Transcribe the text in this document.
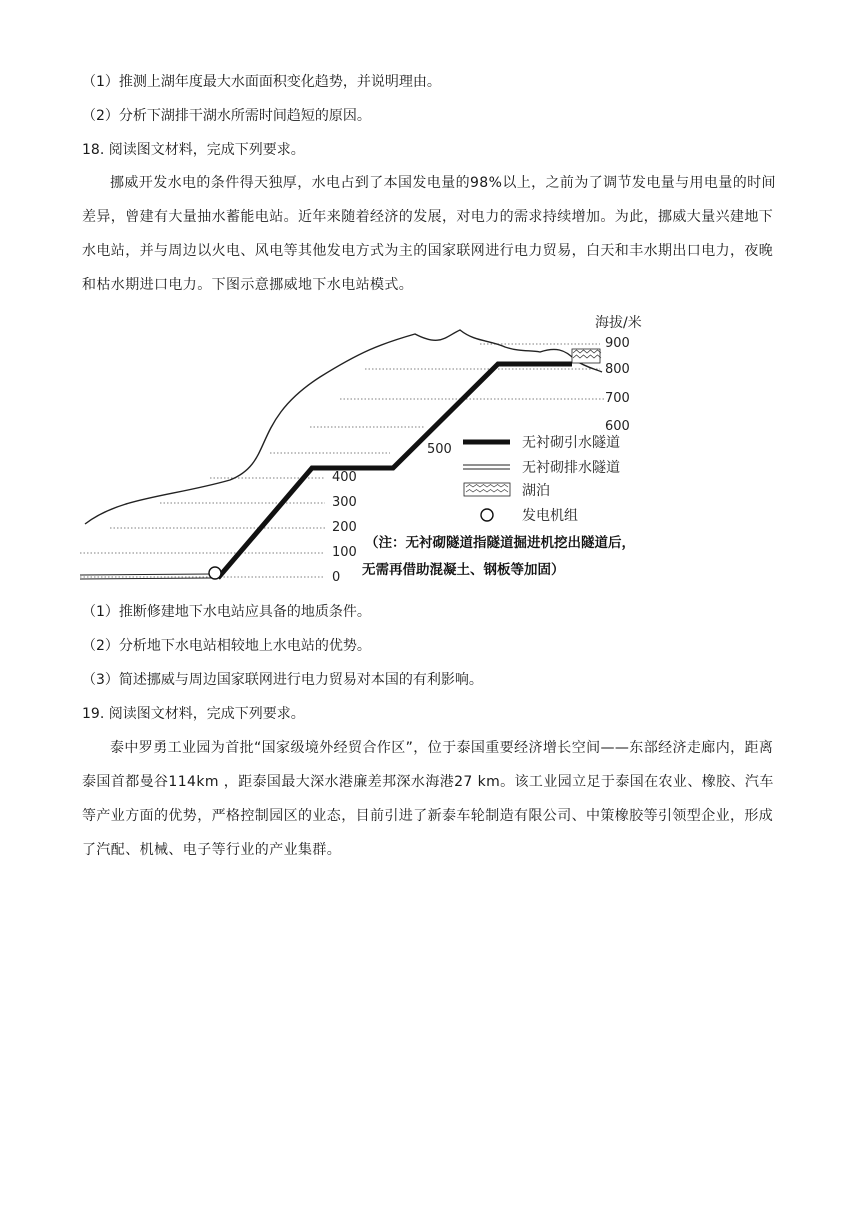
（1）推测上湖年度最大水面面积变化趋势，并说明理由。
（2）分析下湖排干湖水所需时间趋短的原因。
18. 阅读图文材料，完成下列要求。
挪威开发水电的条件得天独厚，水电占到了本国发电量的98%以上，之前为了调节发电量与用电量的时间差异，曾建有大量抽水蓄能电站。近年来随着经济的发展，对电力的需求持续增加。为此，挪威大量兴建地下水电站，并与周边以火电、风电等其他发电方式为主的国家联网进行电力贸易，白天和丰水期出口电力，夜晚和枯水期进口电力。下图示意挪威地下水电站模式。
海拔/米
0
100
200
300
400
500
600
700
800
900
无衬砌引水隧道
无衬砌排水隧道
湖泊
发电机组
（注：无衬砌隧道指隧道掘进机挖出隧道后，
无需再借助混凝土、钢板等加固）
（1）推断修建地下水电站应具备的地质条件。
（2）分析地下水电站相较地上水电站的优势。
（3）简述挪威与周边国家联网进行电力贸易对本国的有利影响。
19. 阅读图文材料，完成下列要求。
泰中罗勇工业园为首批“国家级境外经贸合作区”，位于泰国重要经济增长空间——东部经济走廊内，距离泰国首都曼谷114km ，距泰国最大深水港廉差邦深水海港27 km。该工业园立足于泰国在农业、橡胶、汽车等产业方面的优势，严格控制园区的业态，目前引进了新泰车轮制造有限公司、中策橡胶等引领型企业，形成了汽配、机械、电子等行业的产业集群。
